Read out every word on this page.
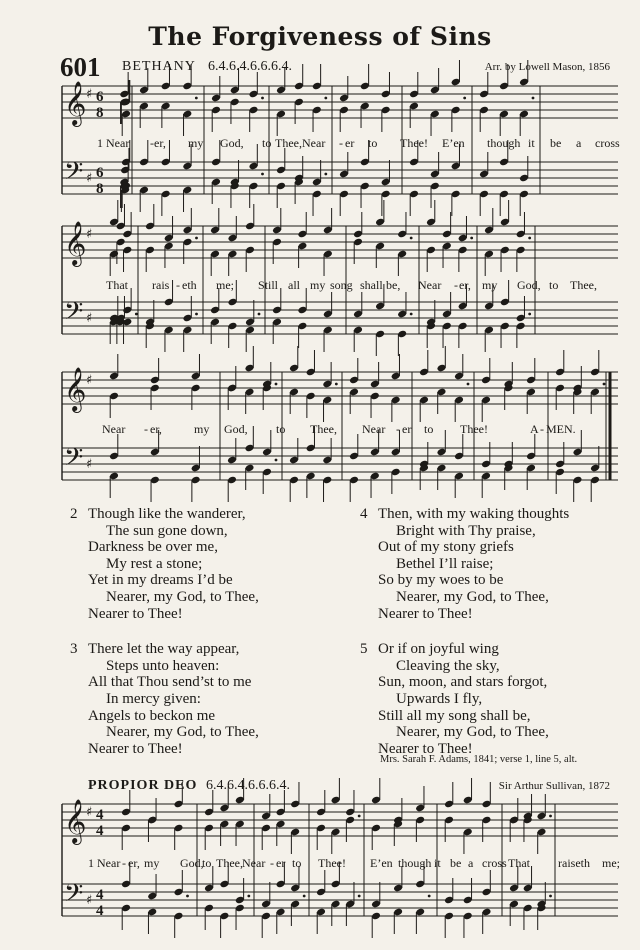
The Forgiveness of Sins
601 BETHANY 6.4.6.4.6.6.6.4.	Arr. by Lowell Mason, 1856
𝄞
𝄢
♯
♯
6
8
6
8
1 Near - er, my God, to Thee, Near - er to Thee! E’en though it be a cross
𝄞
𝄢
♯
♯
That rais - eth me; Still all my song shall be, Near - er, my God, to Thee,
𝄞
𝄢
♯
♯
Near - er,	my God, to Thee, Near - er to Thee!	A - MEN.
2 Though like the wanderer,
The sun gone down,
Darkness be over me,
My rest a stone;
Yet in my dreams I’d be
Nearer, my God, to Thee,
Nearer to Thee!
3 There let the way appear,
Steps unto heaven:
All that Thou send’st to me
In mercy given:
Angels to beckon me
Nearer, my God, to Thee,
Nearer to Thee!
4 Then, with my waking thoughts
Bright with Thy praise,
Out of my stony griefs
Bethel I’ll raise;
So by my woes to be
Nearer, my God, to Thee,
Nearer to Thee!
5 Or if on joyful wing
Cleaving the sky,
Sun, moon, and stars forgot,
Upwards I fly,
Still all my song shall be,
Nearer, my God, to Thee,
Nearer to Thee!
Mrs. Sarah F. Adams, 1841; verse 1, line 5, alt.
PROPIOR DEO 6.4.6.4.6.6.6.4.	Sir Arthur Sullivan, 1872
𝄞
𝄢
♯
♯
4
4
4
4
1 Near - er, my God,
to Thee, Near - er to Thee! E’en though it be a cross That raiseth me;
